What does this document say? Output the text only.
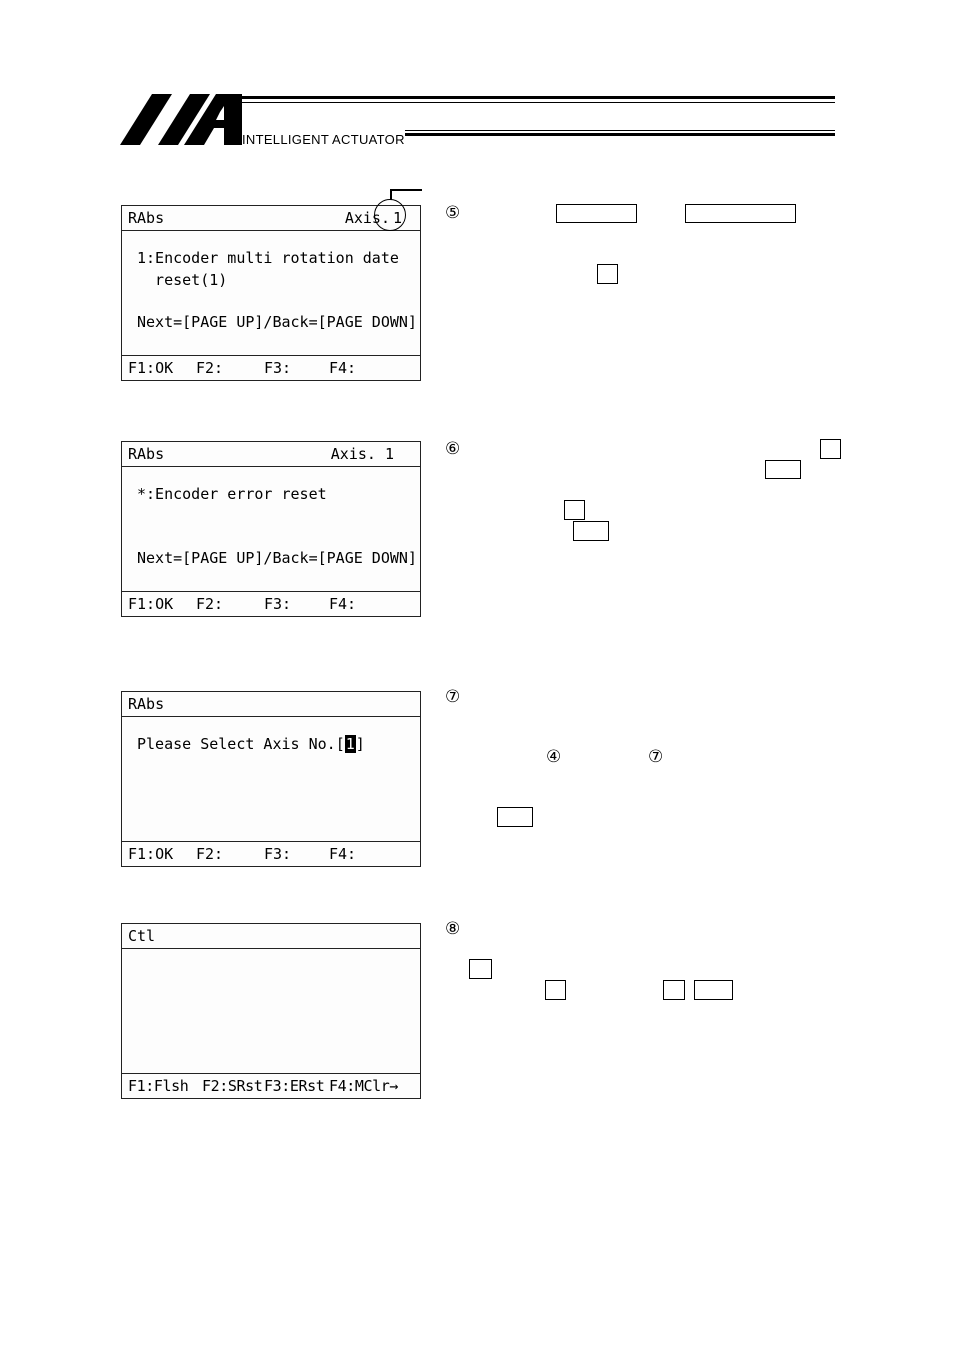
INTELLIGENT ACTUATOR
RAbs	Axis. 1
1:Encoder multi rotation date
reset(1)
Next=[PAGE UP]/Back=[PAGE DOWN]
F1:OK F2:	F3:	F4:
RAbs	Axis. 1
*:Encoder error reset
Next=[PAGE UP]/Back=[PAGE DOWN]
F1:OK F2:	F3:	F4:
RAbs
Please Select Axis No.[1]
F1:OK F2:	F3:	F4:
Ctl
F1:Flsh F2:SRst F3:ERst F4:MClr→
⑤
⑥
⑦
④	⑦
⑧
